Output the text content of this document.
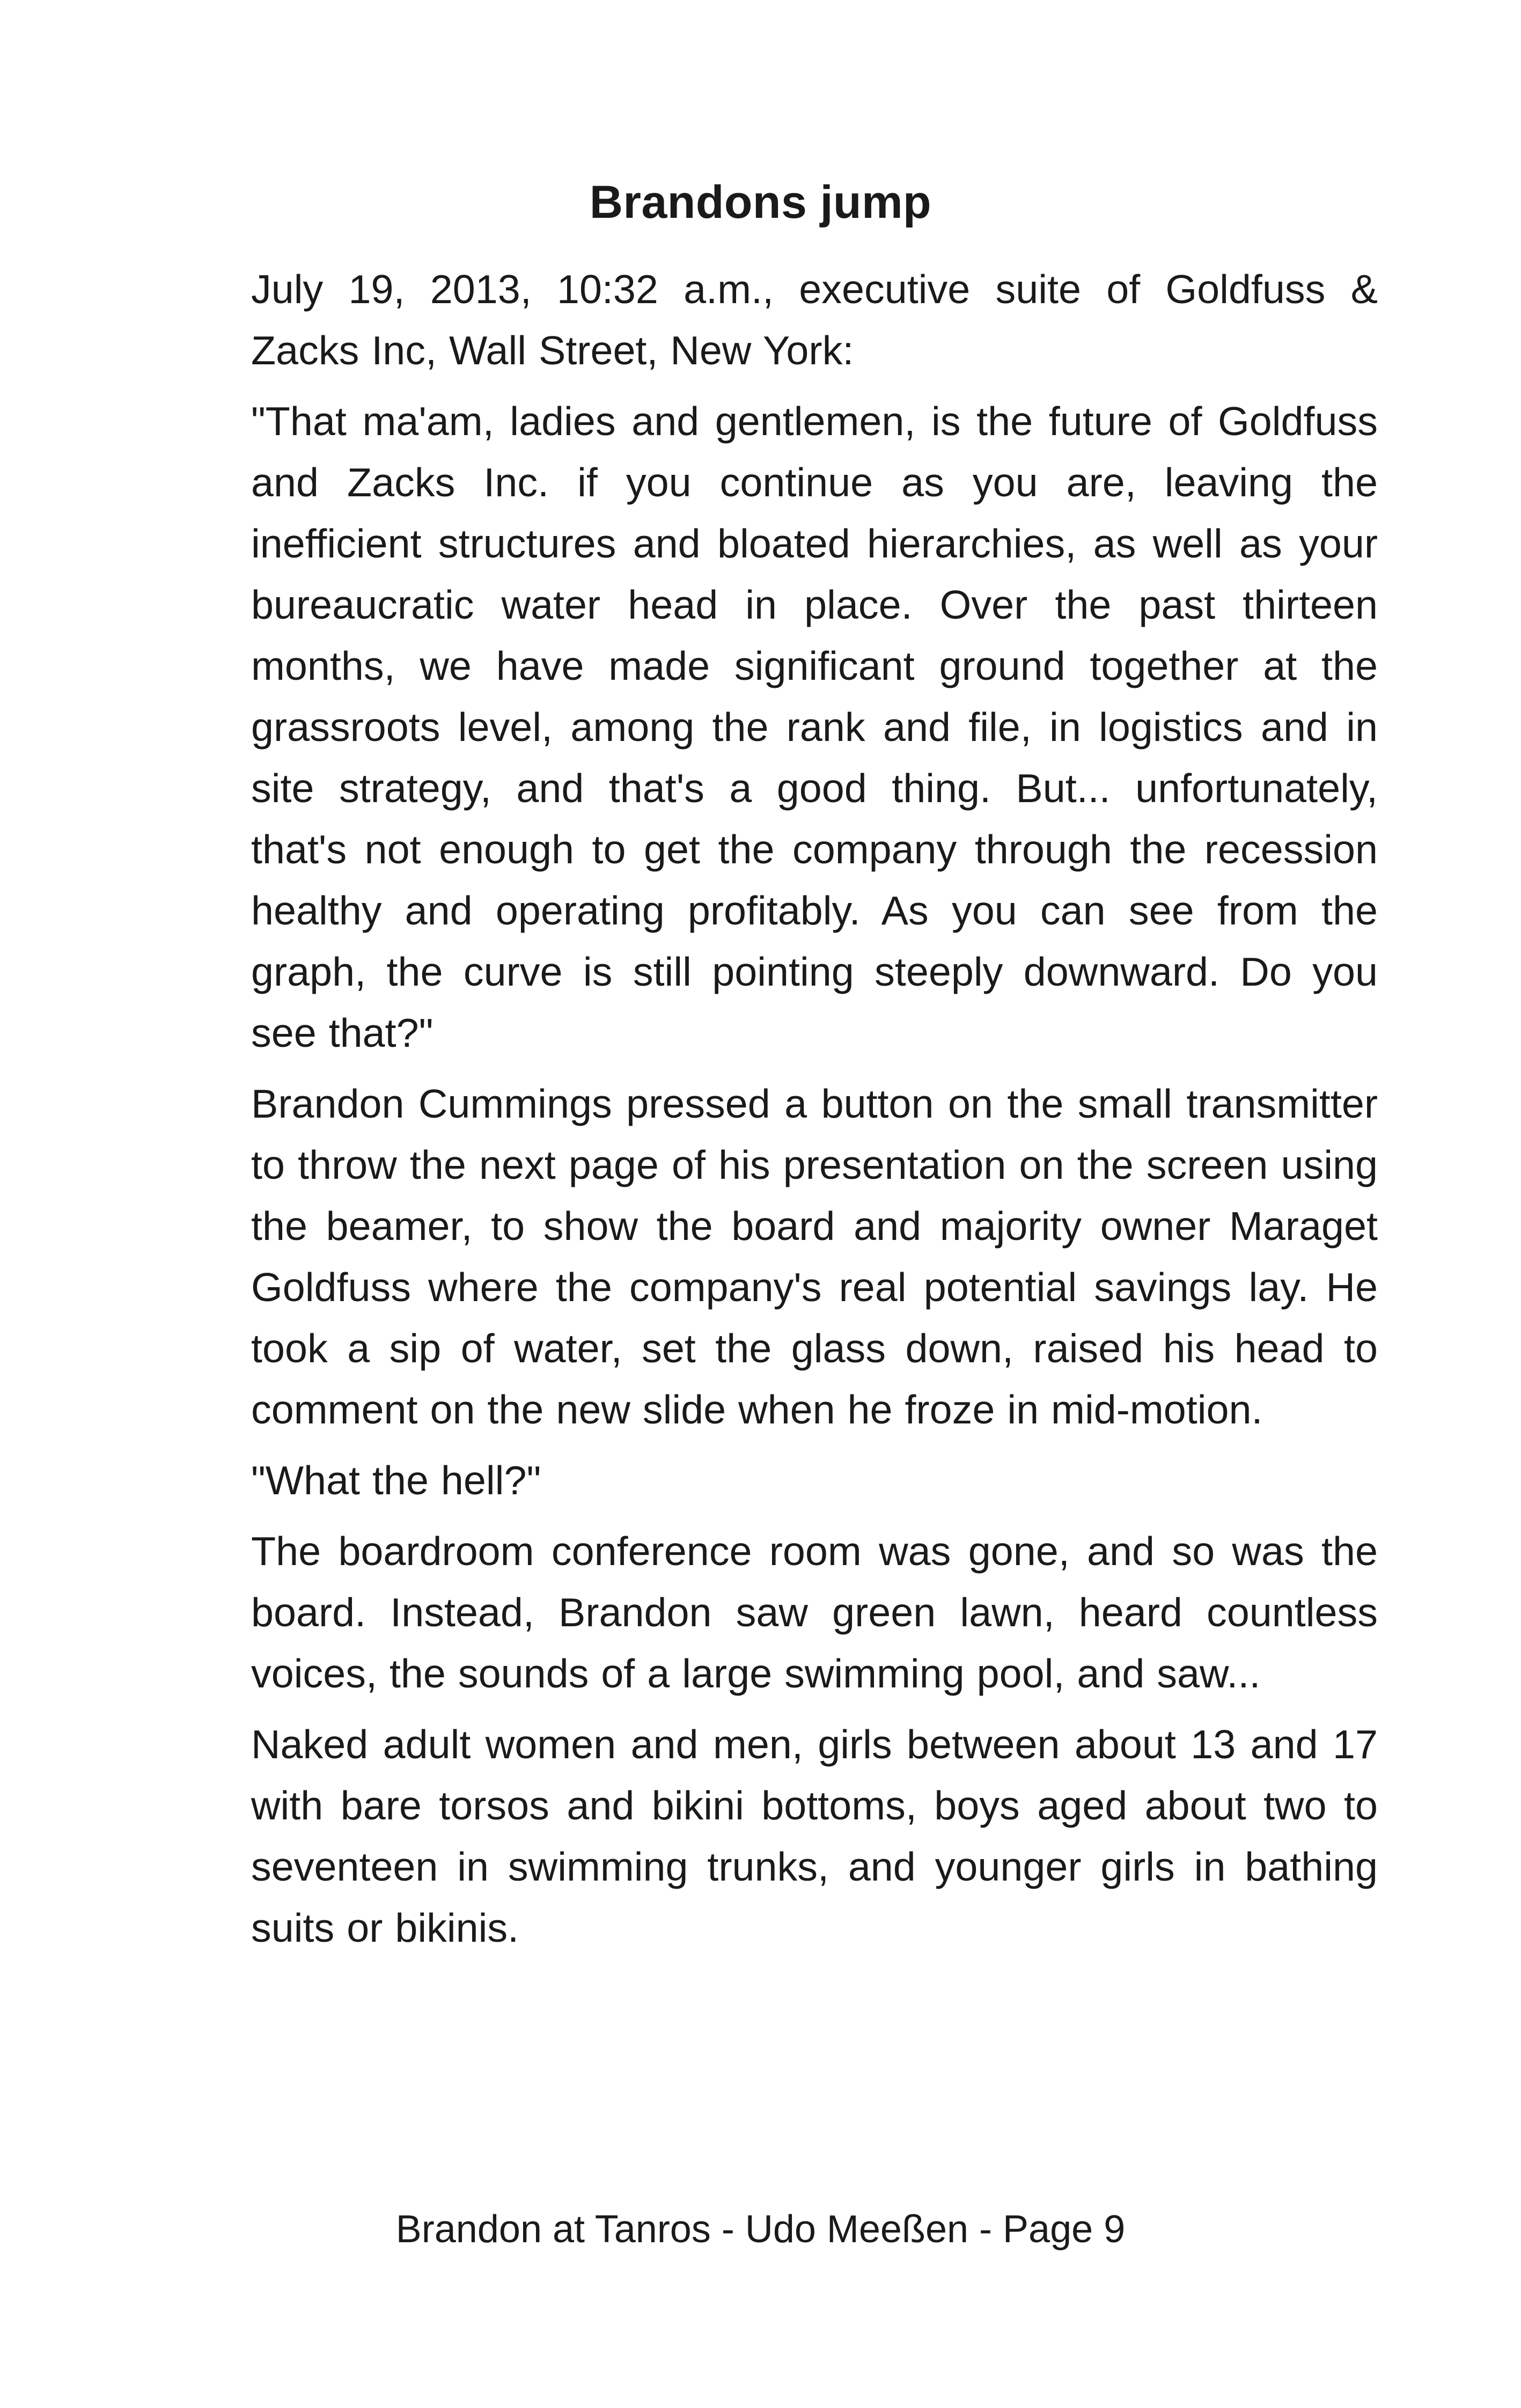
Brandons jump

July 19, 2013, 10:32 a.m., executive suite of Goldfuss & Zacks Inc, Wall Street, New York:

"That ma'am, ladies and gentlemen, is the future of Goldfuss and Zacks Inc. if you continue as you are, leaving the inefficient structures and bloated hierarchies, as well as your bureaucratic water head in place. Over the past thirteen months, we have made significant ground together at the grassroots level, among the rank and file, in logistics and in site strategy, and that's a good thing. But... unfortunately, that's not enough to get the company through the recession healthy and operating profitably. As you can see from the graph, the curve is still pointing steeply downward. Do you see that?"

Brandon Cummings pressed a button on the small transmitter to throw the next page of his presentation on the screen using the beamer, to show the board and majority owner Maraget Goldfuss where the company's real potential savings lay. He took a sip of water, set the glass down, raised his head to comment on the new slide when he froze in mid-motion.

"What the hell?"

The boardroom conference room was gone, and so was the board. Instead, Brandon saw green lawn, heard countless voices, the sounds of a large swimming pool, and saw...

Naked adult women and men, girls between about 13 and 17 with bare torsos and bikini bottoms, boys aged about two to seventeen in swimming trunks, and younger girls in bathing suits or bikinis.

Brandon at Tanros - Udo Meeßen - Page 9
